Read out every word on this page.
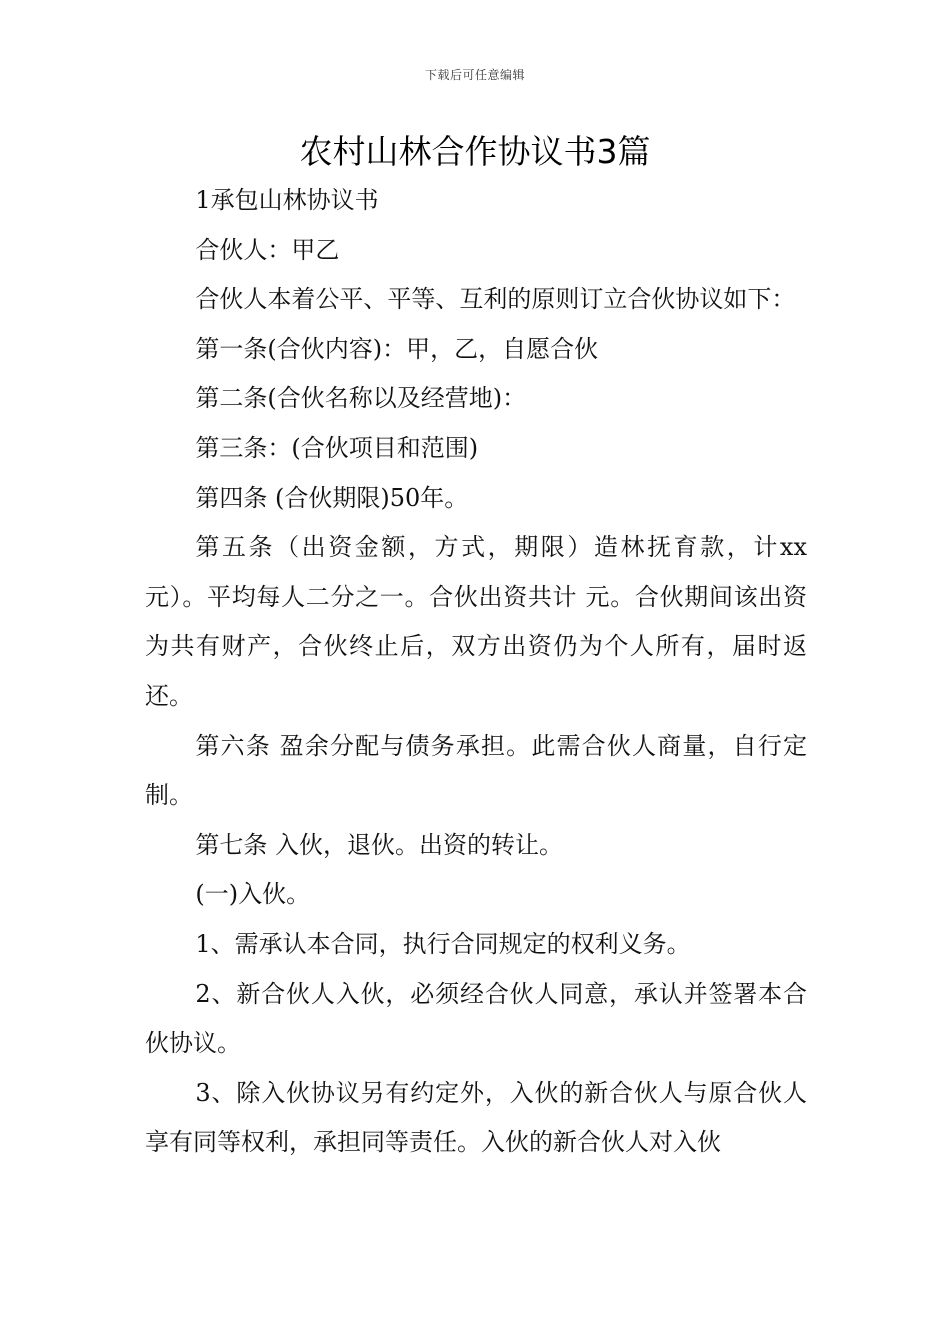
下载后可任意编辑
农村山林合作协议书3篇

1承包山林协议书

合伙人：甲乙

合伙人本着公平、平等、互利的原则订立合伙协议如下：

第一条(合伙内容)：甲，乙，自愿合伙

第二条(合伙名称以及经营地)：

第三条：(合伙项目和范围)

第四条 (合伙期限)50年。

第五条（出资金额，方式，期限）造林抚育款，计xx元）。平均每人二分之一。合伙出资共计 元。合伙期间该出资为共有财产，合伙终止后，双方出资仍为个人所有，届时返还。

第六条 盈余分配与债务承担。此需合伙人商量，自行定制。

第七条 入伙，退伙。出资的转让。

(一)入伙。

1、需承认本合同，执行合同规定的权利义务。

2、新合伙人入伙，必须经合伙人同意，承认并签署本合伙协议。

3、除入伙协议另有约定外，入伙的新合伙人与原合伙人享有同等权利，承担同等责任。入伙的新合伙人对入伙
